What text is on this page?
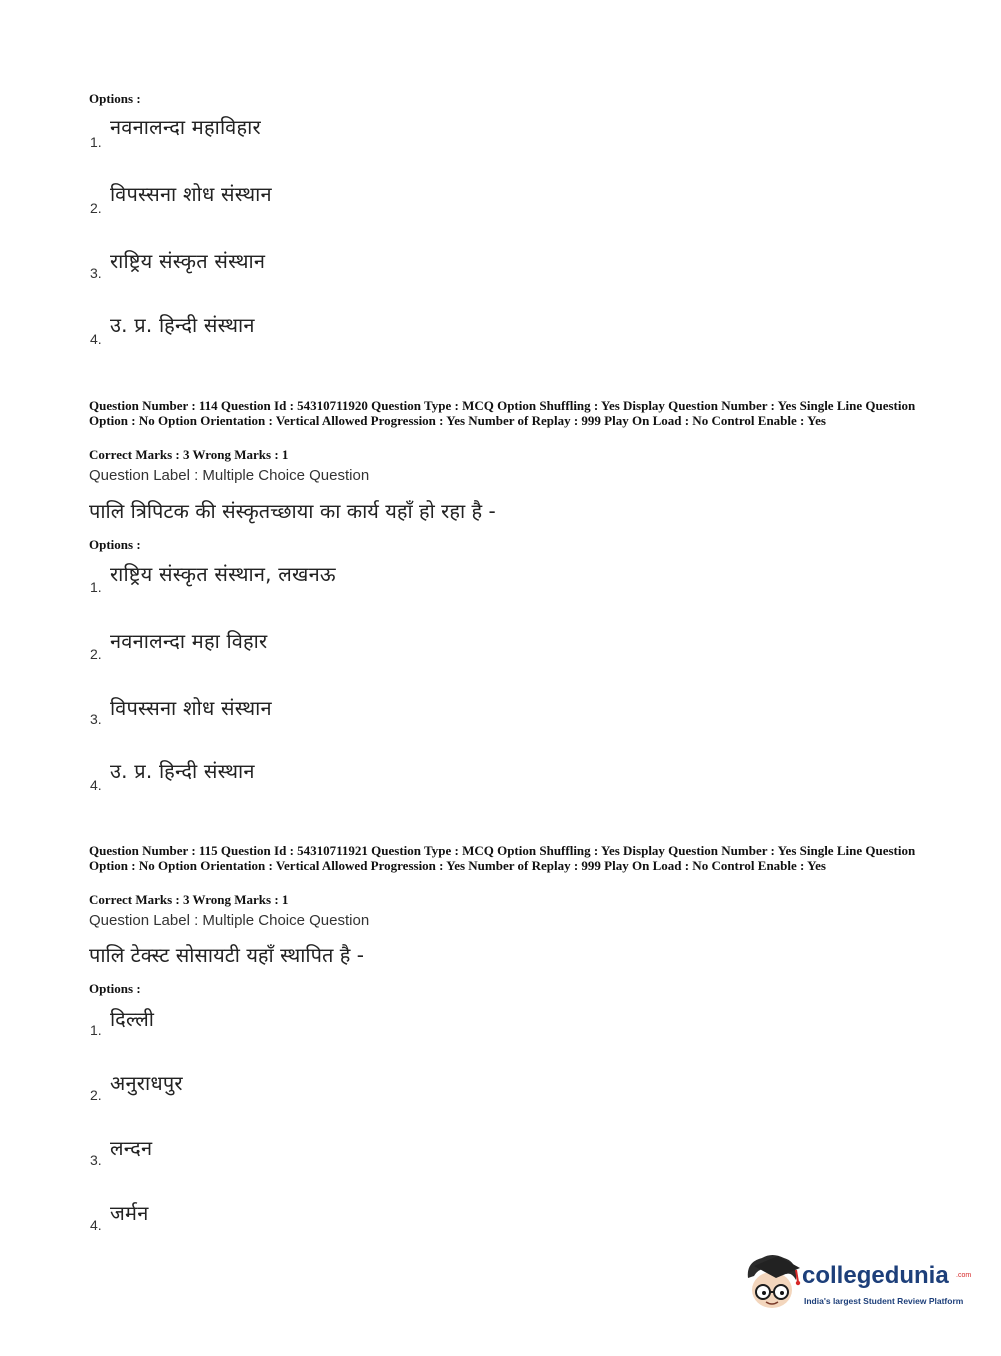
Options :
नवनालन्दा महाविहार
1.
विपस्सना शोध संस्थान
2.
राष्ट्रिय संस्कृत संस्थान
3.
उ. प्र. हिन्दी संस्थान
4.
Question Number : 114 Question Id : 54310711920 Question Type : MCQ Option Shuffling : Yes Display Question Number : Yes Single Line Question Option : No Option Orientation : Vertical Allowed Progression : Yes Number of Replay : 999 Play On Load : No Control Enable : Yes
Correct Marks : 3 Wrong Marks : 1
Question Label : Multiple Choice Question
पालि त्रिपिटक की संस्कृतच्छाया का कार्य यहाँ हो रहा है -
Options :
राष्ट्रिय संस्कृत संस्थान, लखनऊ
1.
नवनालन्दा महा विहार
2.
विपस्सना शोध संस्थान
3.
उ. प्र. हिन्दी संस्थान
4.
Question Number : 115 Question Id : 54310711921 Question Type : MCQ Option Shuffling : Yes Display Question Number : Yes Single Line Question Option : No Option Orientation : Vertical Allowed Progression : Yes Number of Replay : 999 Play On Load : No Control Enable : Yes
Correct Marks : 3 Wrong Marks : 1
Question Label : Multiple Choice Question
पालि टेक्स्ट सोसायटी यहाँ स्थापित है -
Options :
दिल्ली
1.
अनुराधपुर
2.
लन्दन
3.
जर्मन
4.
collegedunia .com
India's largest Student Review Platform
